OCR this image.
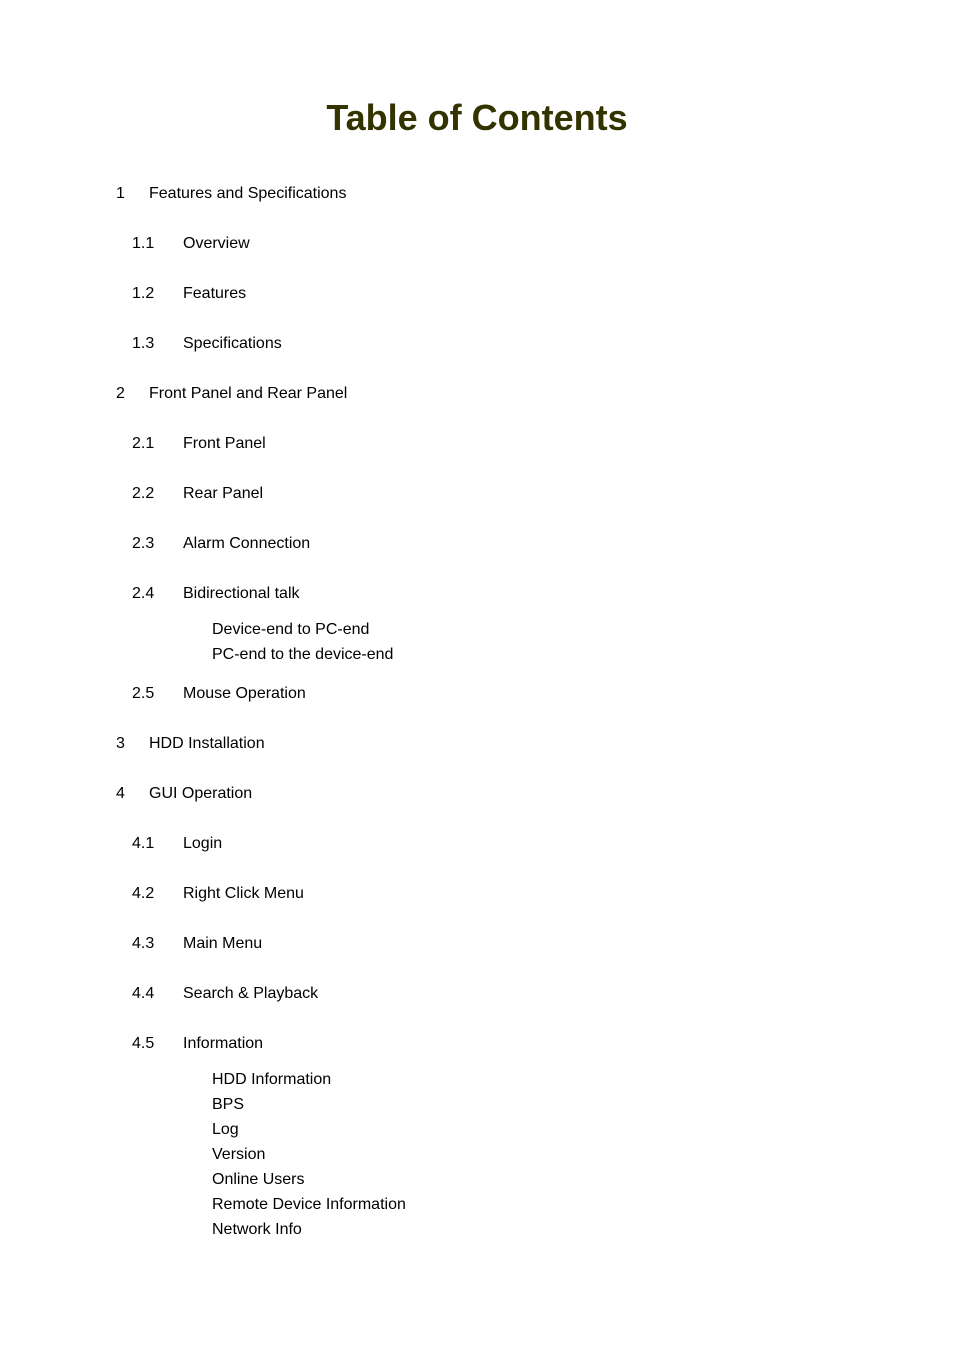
Table of Contents
1 Features and Specifications
1.1 Overview
1.2 Features
1.3 Specifications
2 Front Panel and Rear Panel
2.1 Front Panel
2.2 Rear Panel
2.3 Alarm Connection
2.4 Bidirectional talk
Device-end to PC-end
PC-end to the device-end
2.5 Mouse Operation
3 HDD Installation
4 GUI Operation
4.1 Login
4.2 Right Click Menu
4.3 Main Menu
4.4 Search & Playback
4.5 Information
HDD Information
BPS
Log
Version
Online Users
Remote Device Information
Network Info
